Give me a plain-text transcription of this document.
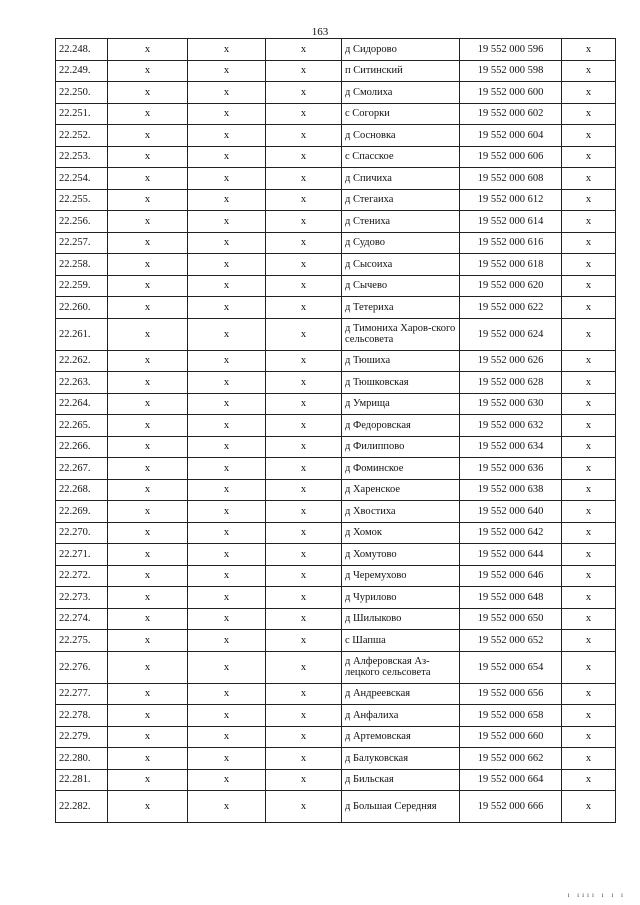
163
22.248.	x	x	x	д Сидорово	19 552 000 596	x
22.249.	x	x	x	п Ситинский	19 552 000 598	x
22.250.	x	x	x	д Смолиха	19 552 000 600	x
22.251.	x	x	x	с Согорки	19 552 000 602	x
22.252.	x	x	x	д Сосновка	19 552 000 604	x
22.253.	x	x	x	с Спасское	19 552 000 606	x
22.254.	x	x	x	д Спичиха	19 552 000 608	x
22.255.	x	x	x	д Стегаиха	19 552 000 612	x
22.256.	x	x	x	д Стениха	19 552 000 614	x
22.257.	x	x	x	д Судово	19 552 000 616	x
22.258.	x	x	x	д Сысоиха	19 552 000 618	x
22.259.	x	x	x	д Сычево	19 552 000 620	x
22.260.	x	x	x	д Тетериха	19 552 000 622	x
22.261.	x	x	x	д Тимониха Харов-ского сельсовета	19 552 000 624	x
22.262.	x	x	x	д Тюшиха	19 552 000 626	x
22.263.	x	x	x	д Тюшковская	19 552 000 628	x
22.264.	x	x	x	д Умрища	19 552 000 630	x
22.265.	x	x	x	д Федоровская	19 552 000 632	x
22.266.	x	x	x	д Филиппово	19 552 000 634	x
22.267.	x	x	x	д Фоминское	19 552 000 636	x
22.268.	x	x	x	д Харенское	19 552 000 638	x
22.269.	x	x	x	д Хвостиха	19 552 000 640	x
22.270.	x	x	x	д Хомок	19 552 000 642	x
22.271.	x	x	x	д Хомутово	19 552 000 644	x
22.272.	x	x	x	д Черемухово	19 552 000 646	x
22.273.	x	x	x	д Чурилово	19 552 000 648	x
22.274.	x	x	x	д Шилыково	19 552 000 650	x
22.275.	x	x	x	с Шапша	19 552 000 652	x
22.276.	x	x	x	д Алферовская Аз-лецкого сельсовета	19 552 000 654	x
22.277.	x	x	x	д Андреевская	19 552 000 656	x
22.278.	x	x	x	д Анфалиха	19 552 000 658	x
22.279.	x	x	x	д Артемовская	19 552 000 660	x
22.280.	x	x	x	д Балуковская	19 552 000 662	x
22.281.	x	x	x	д Бильская	19 552 000 664	x
22.282.	x	x	x	д Большая Середняя	19 552 000 666	x
ı ıııı ı ı ı
